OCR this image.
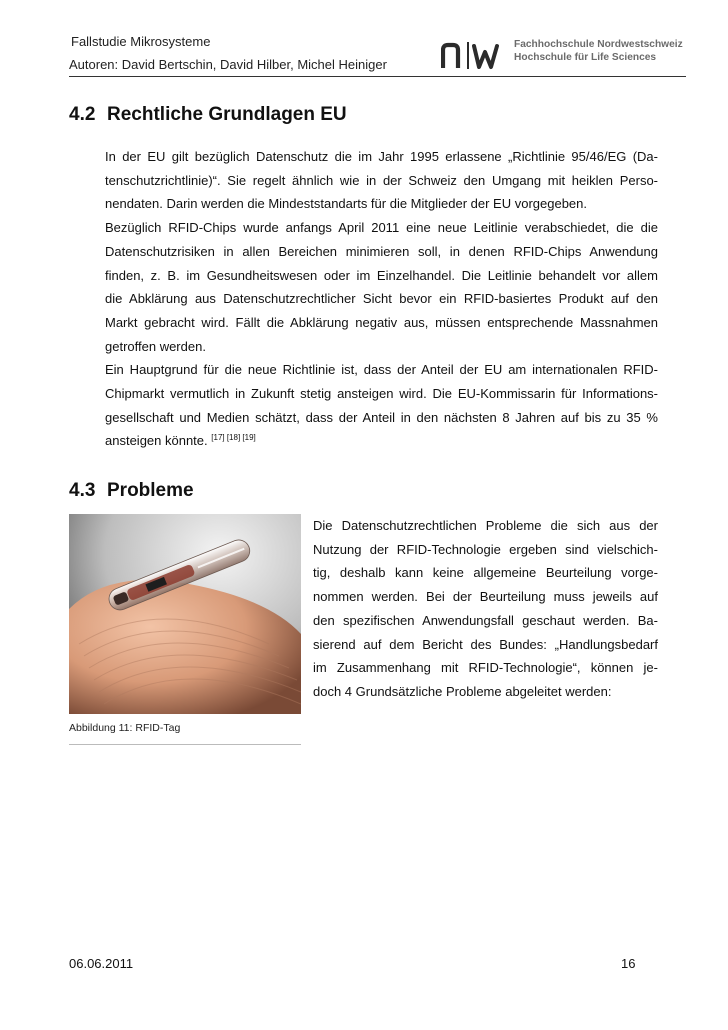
Fallstudie Mikrosysteme
Autoren: David Bertschin, David Hilber, Michel Heiniger
Fachhochschule Nordwestschweiz
Hochschule für Life Sciences
4.2 Rechtliche Grundlagen EU
In der EU gilt bezüglich Datenschutz die im Jahr 1995 erlassene „Richtlinie 95/46/EG (Da-
tenschutzrichtlinie)“. Sie regelt ähnlich wie in der Schweiz den Umgang mit heiklen Perso-
nendaten. Darin werden die Mindeststandarts für die Mitglieder der EU vorgegeben.
Bezüglich RFID-Chips wurde anfangs April 2011 eine neue Leitlinie verabschiedet, die die
Datenschutzrisiken in allen Bereichen minimieren soll, in denen RFID-Chips Anwendung
finden, z. B. im Gesundheitswesen oder im Einzelhandel. Die Leitlinie behandelt vor allem
die Abklärung aus Datenschutzrechtlicher Sicht bevor ein RFID-basiertes Produkt auf den
Markt gebracht wird. Fällt die Abklärung negativ aus, müssen entsprechende Massnahmen
getroffen werden.
Ein Hauptgrund für die neue Richtlinie ist, dass der Anteil der EU am internationalen RFID-
Chipmarkt vermutlich in Zukunft stetig ansteigen wird. Die EU-Kommissarin für Informations-
gesellschaft und Medien schätzt, dass der Anteil in den nächsten 8 Jahren auf bis zu 35 %
ansteigen könnte. [17] [18] [19]
4.3 Probleme
Abbildung 11: RFID-Tag
Die Datenschutzrechtlichen Probleme die sich aus der
Nutzung der RFID-Technologie ergeben sind vielschich-
tig, deshalb kann keine allgemeine Beurteilung vorge-
nommen werden. Bei der Beurteilung muss jeweils auf
den spezifischen Anwendungsfall geschaut werden. Ba-
sierend auf dem Bericht des Bundes: „Handlungsbedarf
im Zusammenhang mit RFID-Technologie“, können je-
doch 4 Grundsätzliche Probleme abgeleitet werden:
06.06.2011	16
